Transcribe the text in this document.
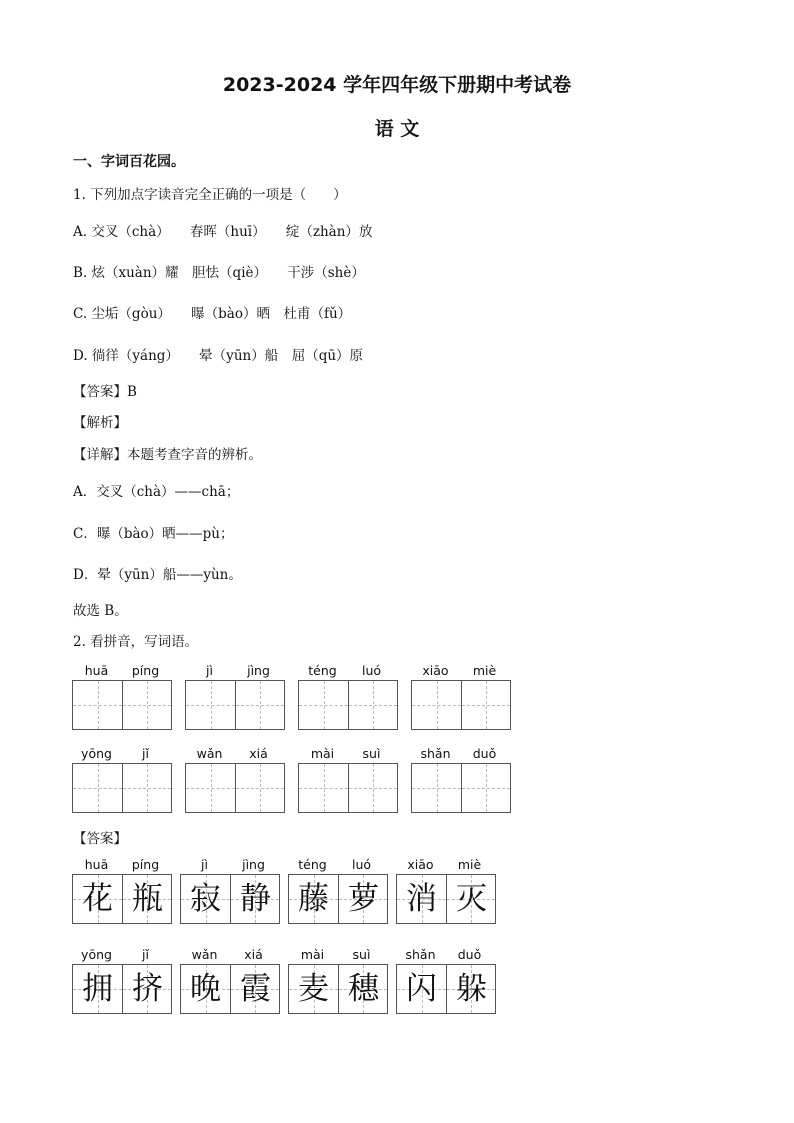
2023-2024 学年四年级下册期中考试卷
语 文
一、字词百花园。
1. 下列加点字读音完全正确的一项是（　　）
A. 交叉（chà）　　春晖（huī）　　绽（zhàn）放
B. 炫（xuàn）耀　胆怯（qiè）　　干涉（shè）
C. 尘垢（gòu）　　曝（bào）晒　杜甫（fǔ）
D. 徜徉（yáng）　　晕（yūn）船　屈（qū）原
【答案】B
【解析】
【详解】本题考查字音的辨析。
A．交叉（chà）——chā；
C．曝（bào）晒——pù；
D．晕（yūn）船——yùn。
故选 B。
2. 看拼音，写词语。
huā	píng	jì	jìng	téng	luó	xiāo	miè
yōng	jǐ	wǎn	xiá	mài	suì	shǎn	duǒ
【答案】
huā	píng
花 瓶
jì	jìng
寂 静
téng	luó
藤 萝
xiāo	miè
消 灭
yōng	jǐ
拥 挤
wǎn	xiá
晚 霞
mài	suì
麦 穗
shǎn	duǒ
闪 躲
